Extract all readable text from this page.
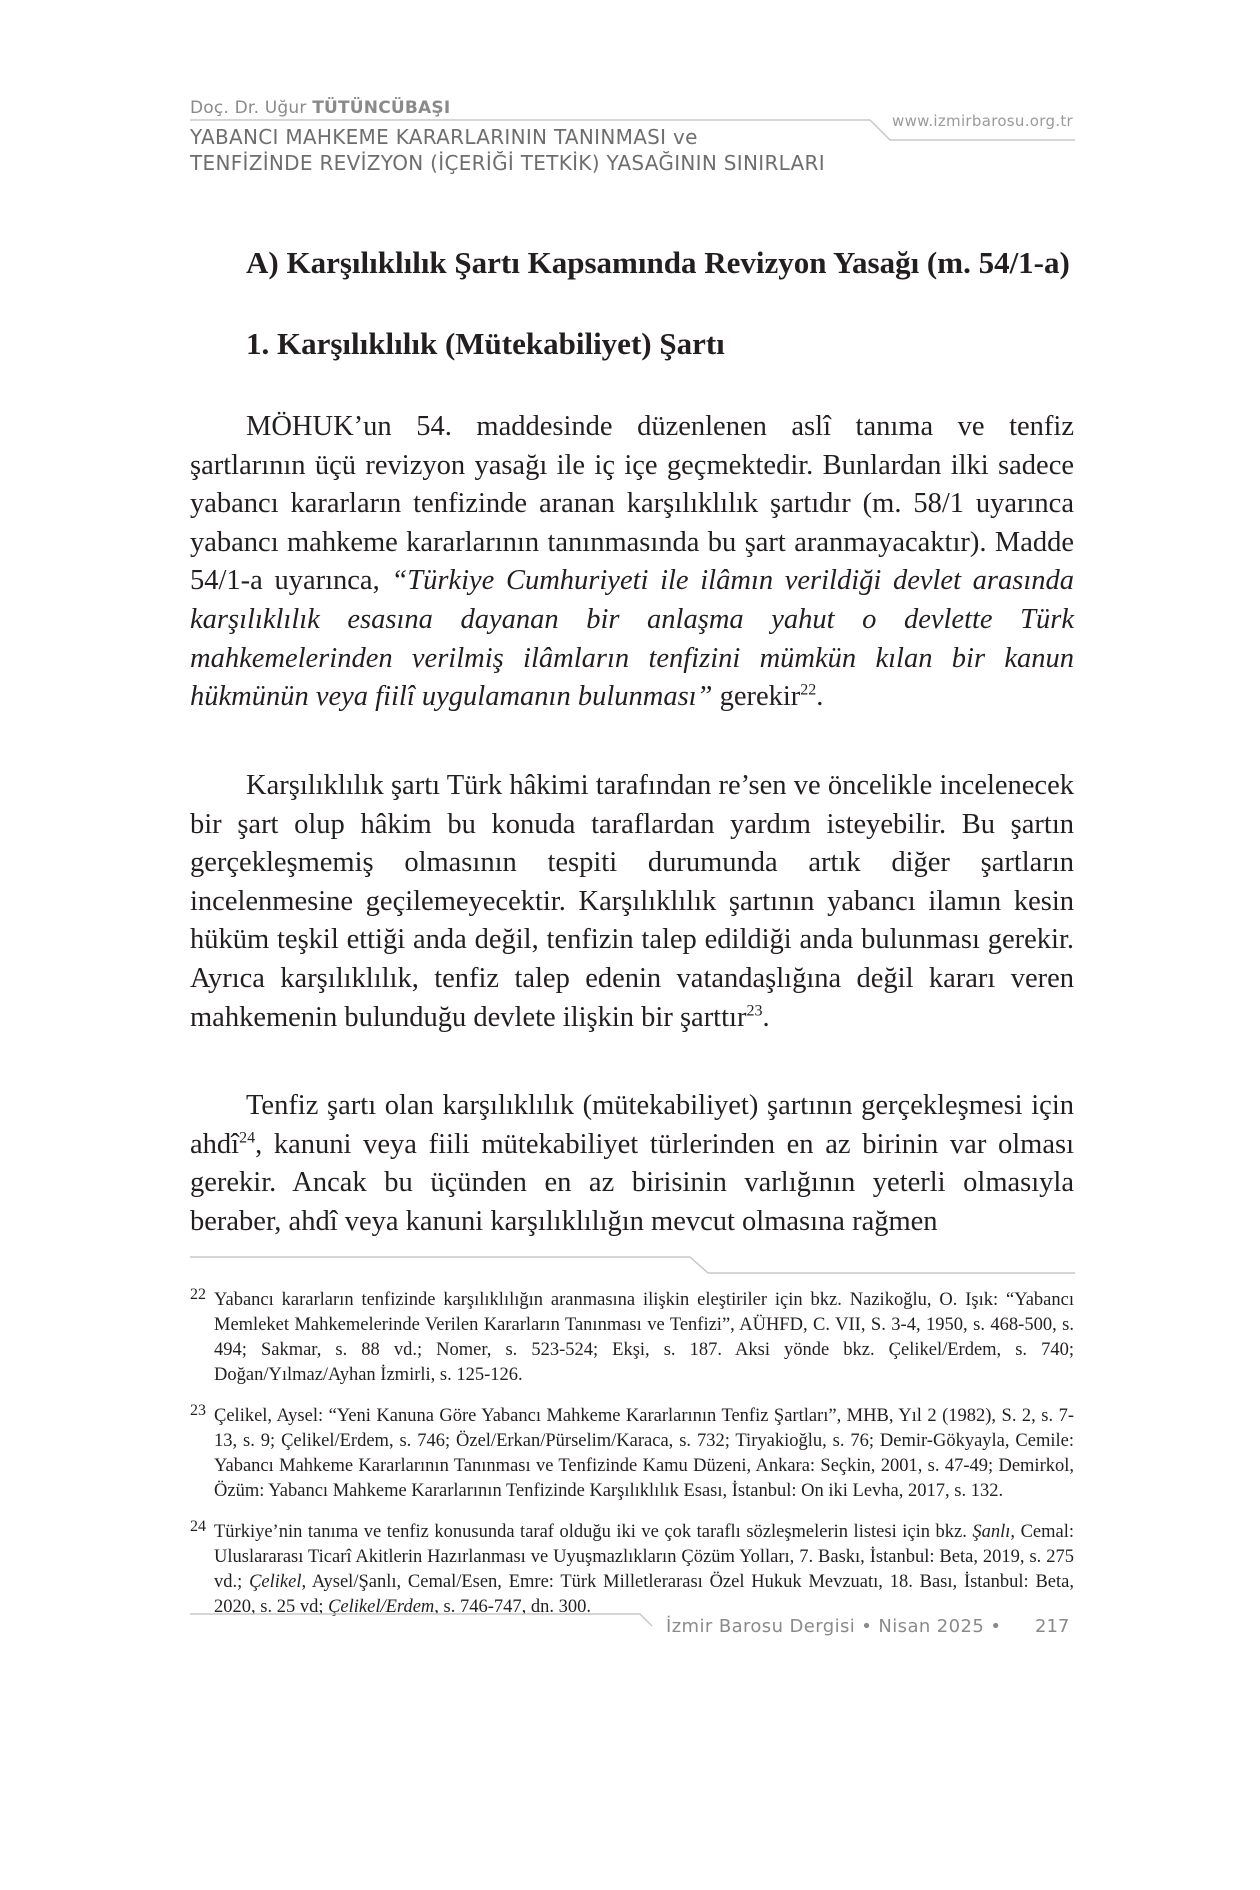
Doç. Dr. Uğur TÜTÜNCÜBAŞI
YABANCI MAHKEME KARARLARININ TANINMASI ve
TENFİZİNDE REVİZYON (İÇERİĞİ TETKİK) YASAĞININ SINIRLARI
www.izmirbarosu.org.tr
A) Karşılıklılık Şartı Kapsamında Revizyon Yasağı (m. 54/1-a)
1. Karşılıklılık (Mütekabiliyet) Şartı

MÖHUK’un 54. maddesinde düzenlenen aslî tanıma ve tenfiz şartlarının üçü revizyon yasağı ile iç içe geçmektedir. Bunlardan ilki sadece yabancı kararların tenfizinde aranan karşılıklılık şartıdır (m. 58/1 uyarınca yabancı mahkeme kararlarının tanınmasında bu şart aranmayacaktır). Madde 54/1-a uyarınca, “Türkiye Cumhuriyeti ile ilâmın verildiği devlet arasında karşılıklılık esasına dayanan bir anlaşma yahut o devlette Türk mahkemelerinden verilmiş ilâmların tenfizini mümkün kılan bir kanun hükmünün veya fiilî uygulamanın bulunması” gerekir$^{22}$.

Karşılıklılık şartı Türk hâkimi tarafından re’sen ve öncelikle incelenecek bir şart olup hâkim bu konuda taraflardan yardım isteyebilir. Bu şartın gerçekleşmemiş olmasının tespiti durumunda artık diğer şartların incelenmesine geçilemeyecektir. Karşılıklılık şartının yabancı ilamın kesin hüküm teşkil ettiği anda değil, tenfizin talep edildiği anda bulunması gerekir. Ayrıca karşılıklılık, tenfiz talep edenin vatandaşlığına değil kararı veren mahkemenin bulunduğu devlete ilişkin bir şarttır$^{23}$.

Tenfiz şartı olan karşılıklılık (mütekabiliyet) şartının gerçekleşmesi için ahdî$^{24}$, kanuni veya fiili mütekabiliyet türlerinden en az birinin var olması gerekir. Ancak bu üçünden en az birisinin varlığının yeterli olmasıyla beraber, ahdî veya kanuni karşılıklılığın mevcut olmasına rağmen

22 Yabancı kararların tenfizinde karşılıklılığın aranmasına ilişkin eleştiriler için bkz. Nazikoğlu, O. Işık: “Yabancı Memleket Mahkemelerinde Verilen Kararların Tanınması ve Tenfizi”, AÜHFD, C. VII, S. 3-4, 1950, s. 468-500, s. 494; Sakmar, s. 88 vd.; Nomer, s. 523-524; Ekşi, s. 187. Aksi yönde bkz. Çelikel/Erdem, s. 740; Doğan/Yılmaz/Ayhan İzmirli, s. 125-126.

23 Çelikel, Aysel: “Yeni Kanuna Göre Yabancı Mahkeme Kararlarının Tenfiz Şartları”, MHB, Yıl 2 (1982), S. 2, s. 7-13, s. 9; Çelikel/Erdem, s. 746; Özel/Erkan/Pürselim/Karaca, s. 732; Tiryakioğlu, s. 76; Demir-Gökyayla, Cemile: Yabancı Mahkeme Kararlarının Tanınması ve Tenfizinde Kamu Düzeni, Ankara: Seçkin, 2001, s. 47-49; Demirkol, Özüm: Yabancı Mahkeme Kararlarının Tenfizinde Karşılıklılık Esası, İstanbul: On iki Levha, 2017, s. 132.

24 Türkiye’nin tanıma ve tenfiz konusunda taraf olduğu iki ve çok taraflı sözleşmelerin listesi için bkz. Şanlı, Cemal: Uluslararası Ticarî Akitlerin Hazırlanması ve Uyuşmazlıkların Çözüm Yolları, 7. Baskı, İstanbul: Beta, 2019, s. 275 vd.; Çelikel, Aysel/Şanlı, Cemal/Esen, Emre: Türk Milletlerarası Özel Hukuk Mevzuatı, 18. Bası, İstanbul: Beta, 2020, s. 25 vd; Çelikel/Erdem, s. 746-747, dn. 300.

İzmir Barosu Dergisi • Nisan 2025 • 217
